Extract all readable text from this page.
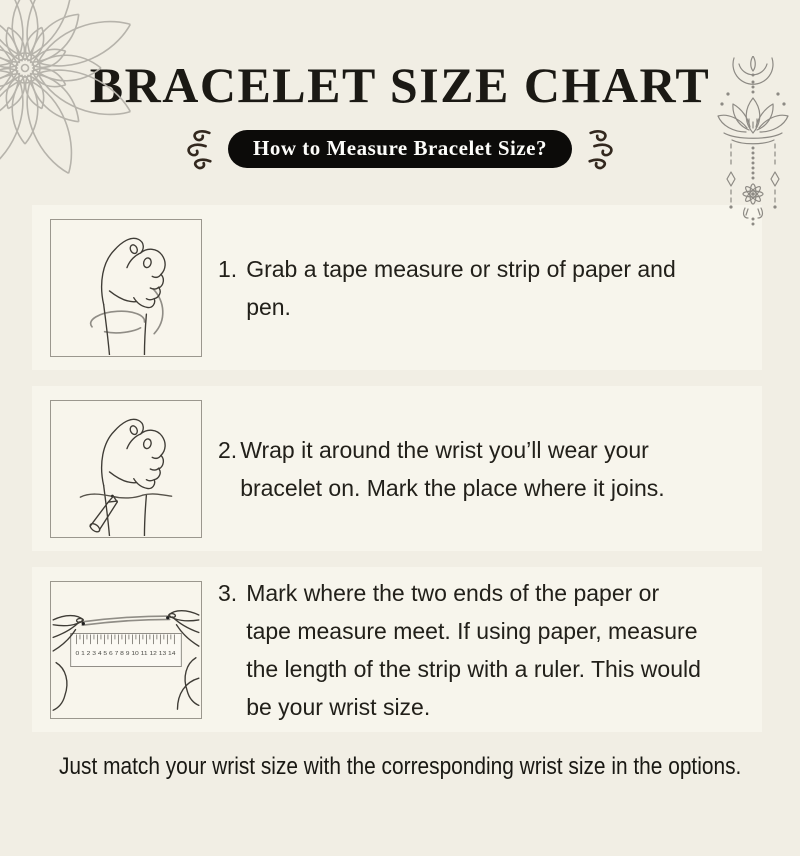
BRACELET SIZE CHART
How to Measure Bracelet Size?
1. Grab a tape measure or strip of paper and
pen.
2. Wrap it around the wrist you’ll wear your
bracelet on. Mark the place where it joins.
0 1 2 3 4 5 6 7 8 9 10 11 12 13 14
3. Mark where the two ends of the paper or
tape measure meet. If using paper, measure
the length of the strip with a ruler. This would
be your wrist size.
Just match your wrist size with the corresponding wrist size in the options.
